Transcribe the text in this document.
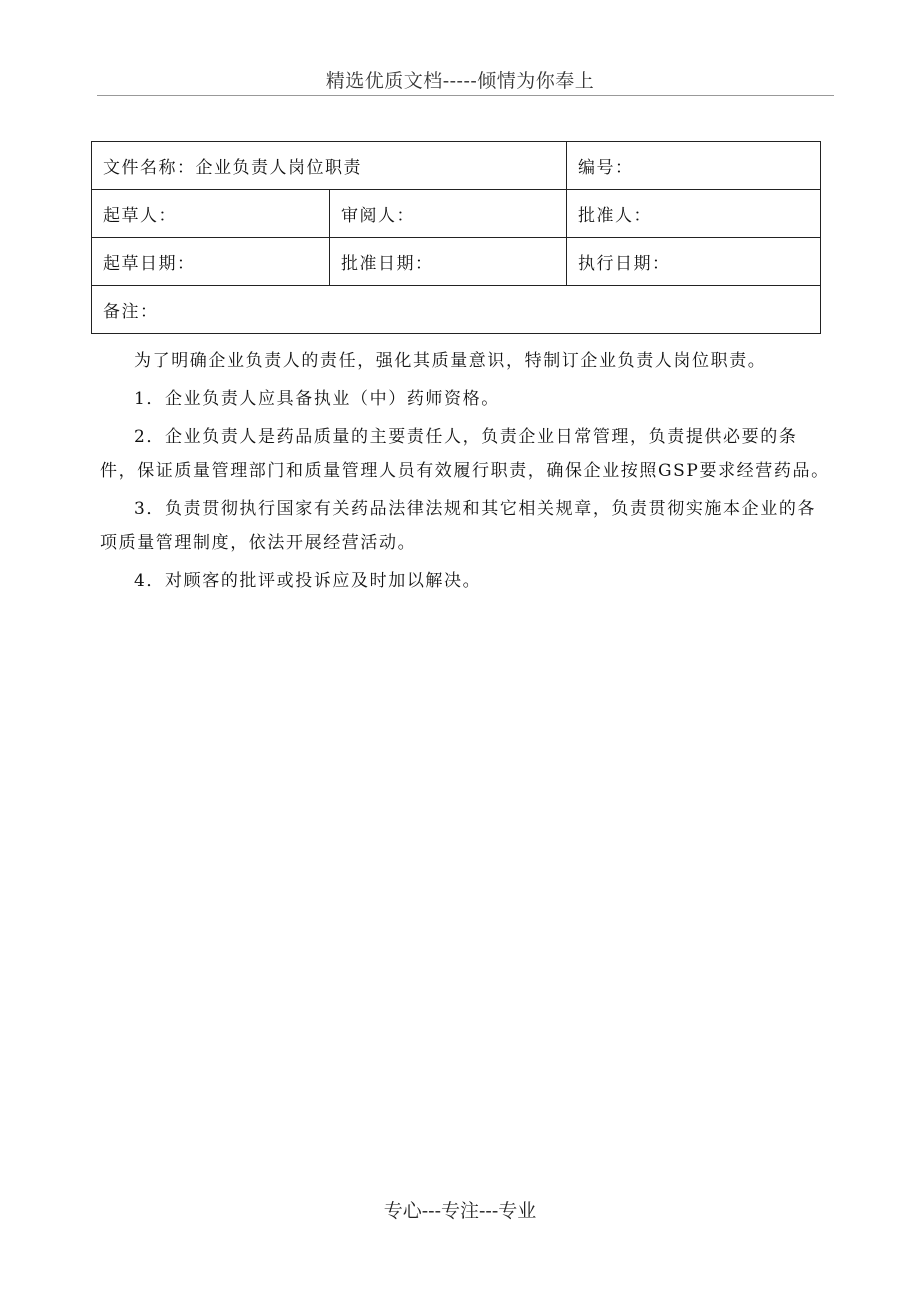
精选优质文档-----倾情为你奉上
文件名称：企业负责人岗位职责		编号：
起草人：	审阅人：	批准人：
起草日期：	批准日期：	执行日期：
备注：		

为了明确企业负责人的责任，强化其质量意识，特制订企业负责人岗位职责。

1．企业负责人应具备执业（中）药师资格。

2．企业负责人是药品质量的主要责任人，负责企业日常管理，负责提供必要的条件，保证质量管理部门和质量管理人员有效履行职责，确保企业按照GSP要求经营药品。

3．负责贯彻执行国家有关药品法律法规和其它相关规章，负责贯彻实施本企业的各项质量管理制度，依法开展经营活动。

4．对顾客的批评或投诉应及时加以解决。

专心---专注---专业
